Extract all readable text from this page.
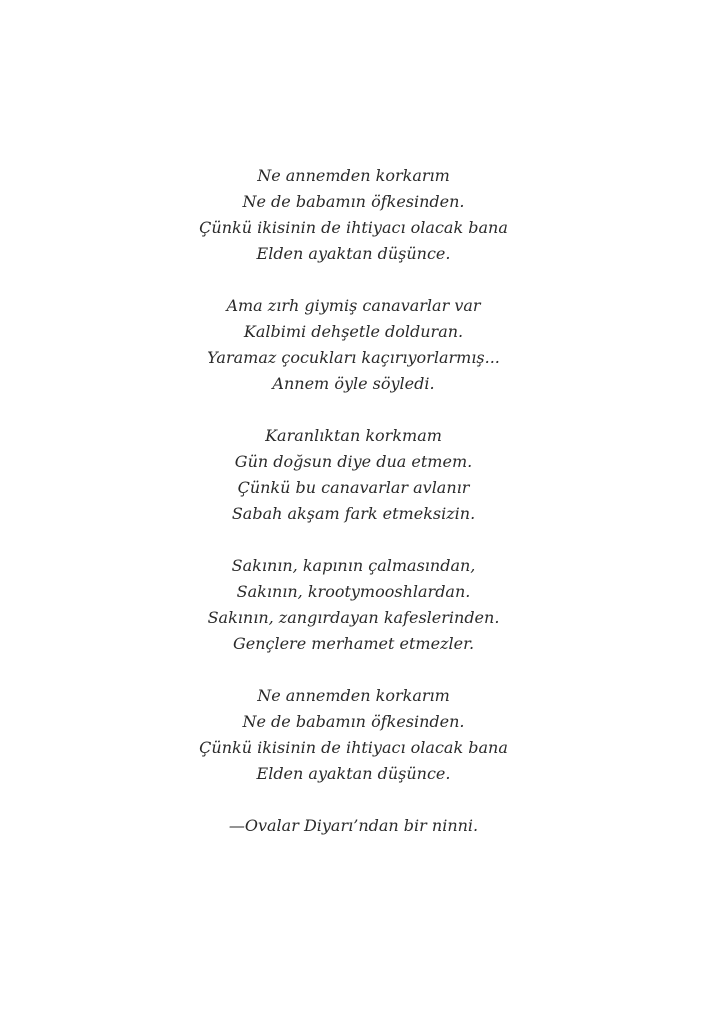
Ne annemden korkarım
Ne de babamın öfkesinden.
Çünkü ikisinin de ihtiyacı olacak bana
Elden ayaktan düşünce.
Ama zırh giymiş canavarlar var
Kalbimi dehşetle dolduran.
Yaramaz çocukları kaçırıyorlarmış...
Annem öyle söyledi.
Karanlıktan korkmam
Gün doğsun diye dua etmem.
Çünkü bu canavarlar avlanır
Sabah akşam fark etmeksizin.
Sakının, kapının çalmasından,
Sakının, krootymooshlardan.
Sakının, zangırdayan kafeslerinden.
Gençlere merhamet etmezler.
Ne annemden korkarım
Ne de babamın öfkesinden.
Çünkü ikisinin de ihtiyacı olacak bana
Elden ayaktan düşünce.
—Ovalar Diyarı’ndan bir ninni.
